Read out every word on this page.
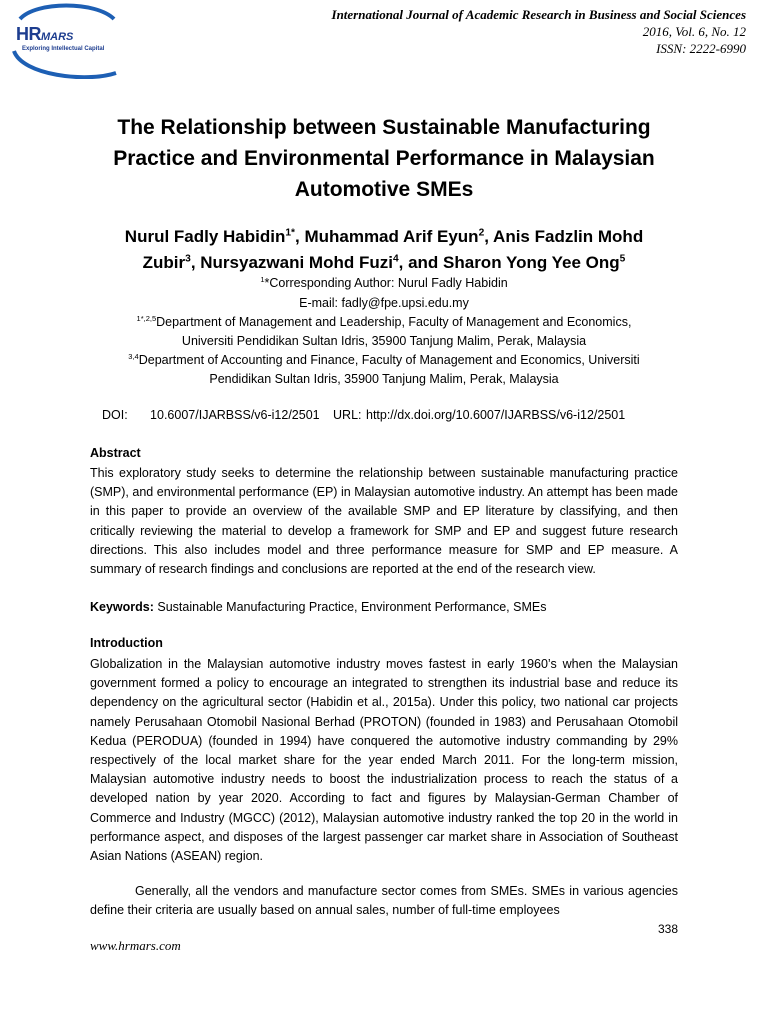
HRMARS
Exploring Intellectual Capital
International Journal of Academic Research in Business and Social Sciences
2016, Vol. 6, No. 12
ISSN: 2222-6990
The Relationship between Sustainable Manufacturing
Practice and Environmental Performance in Malaysian
Automotive SMEs
Nurul Fadly Habidin$^{1*}$, Muhammad Arif Eyun$^2$, Anis Fadzlin Mohd
Zubir$^3$, Nursyazwani Mohd Fuzi$^4$, and Sharon Yong Yee Ong$^5$
$^1$*Corresponding Author: Nurul Fadly Habidin
E-mail: fadly@fpe.upsi.edu.my
$^{1*,2,5}$Department of Management and Leadership, Faculty of Management and Economics,
Universiti Pendidikan Sultan Idris, 35900 Tanjung Malim, Perak, Malaysia
$^{3,4}$Department of Accounting and Finance, Faculty of Management and Economics, Universiti
Pendidikan Sultan Idris, 35900 Tanjung Malim, Perak, Malaysia
DOI:     10.6007/IJARBSS/v6-i12/2501   URL: http://dx.doi.org/10.6007/IJARBSS/v6-i12/2501
Abstract
This exploratory study seeks to determine the relationship between sustainable manufacturing practice (SMP), and environmental performance (EP) in Malaysian automotive industry. An attempt has been made in this paper to provide an overview of the available SMP and EP literature by classifying, and then critically reviewing the material to develop a framework for SMP and EP and suggest future research directions. This also includes model and three performance measure for SMP and EP measure. A summary of research findings and conclusions are reported at the end of the research view.
Keywords: Sustainable Manufacturing Practice, Environment Performance, SMEs
Introduction
Globalization in the Malaysian automotive industry moves fastest in early 1960’s when the Malaysian government formed a policy to encourage an integrated to strengthen its industrial base and reduce its dependency on the agricultural sector (Habidin et al., 2015a). Under this policy, two national car projects namely Perusahaan Otomobil Nasional Berhad (PROTON) (founded in 1983) and Perusahaan Otomobil Kedua (PERODUA) (founded in 1994) have conquered the automotive industry commanding by 29% respectively of the local market share for the year ended March 2011. For the long-term mission, Malaysian automotive industry needs to boost the industrialization process to reach the status of a developed nation by year 2020. According to fact and figures by Malaysian-German Chamber of Commerce and Industry (MGCC) (2012), Malaysian automotive industry ranked the top 20 in the world in performance aspect, and disposes of the largest passenger car market share in Association of Southeast Asian Nations (ASEAN) region.
Generally, all the vendors and manufacture sector comes from SMEs. SMEs in various agencies define their criteria are usually based on annual sales, number of full-time employees
338
www.hrmars.com
